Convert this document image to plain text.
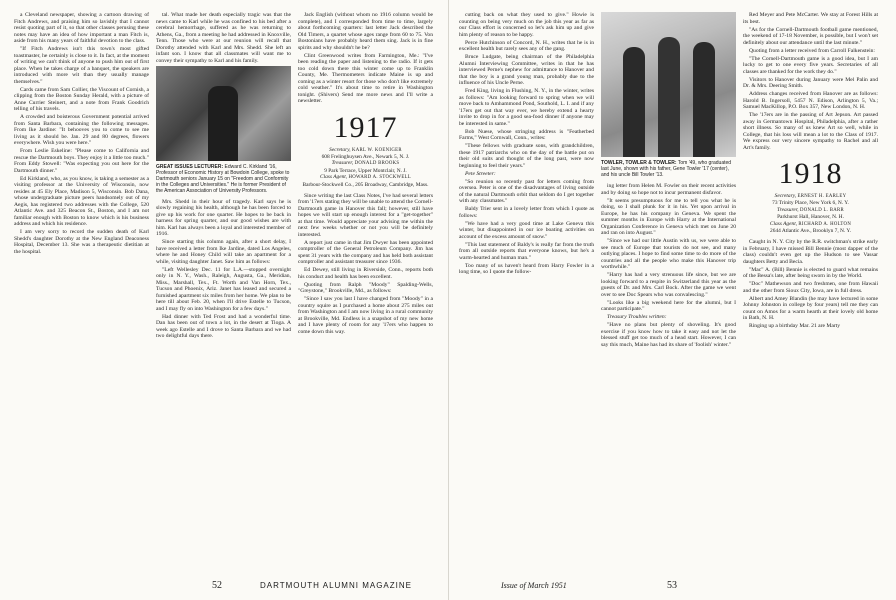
a Cleveland newspaper, showing a cartoon drawing of Fitch Andrews, and praising him so lavishly that I cannot resist quoting part of it, so that other classes perusing these notes may have an idea of how important a man Fitch is, aside from his many years of faithful devotion to the class.

"If Fitch Andrews isn't this town's most gifted toastmaster, he certainly is close to it. In fact, at the moment of writing we can't think of anyone to push him out of first place. When he takes charge of a banquet, the speakers are introduced with more wit than they usually manage themselves."

Cards came from Sam Collier, the Viscount of Cornish, a clipping from the Boston Sunday Herald, with a picture of Anne Currier Steinert, and a note from Frank Goodrich telling of his travels.

A crowded and boisterous Government potential arrived from Santa Barbara, containing the following messages. From Ike Jardine: "It behooves you to come to see me living as it should be. Jan. 29 and 80 degrees, flowers everywhere. Wish you were here."

From Leslie Eskeline: "Please come to California and rescue the Dartmouth boys. They enjoy it a little too much." From Eddy Stowell: "Was expecting you out here for the Dartmouth dinner."

Ed Kirkland, who, as you know, is taking a semester as a visiting professor at the University of Wisconsin, now resides at 45 Ely Place, Madison 5, Wisconsin. Bob Dana, whose undergraduate picture peers handsomely out of my Aegis, has registered two addresses with the College, 520 Atlantic Ave. and 325 Beacon St., Boston, and I am not familiar enough with Boston to know which is his business address and which his residence.

I am very sorry to record the sudden death of Karl Shedd's daughter Dorothy at the New England Deaconess Hospital, December 13. She was a therapeutic dietitian at the hospital.

tal. What made her death especially tragic was that the news came to Karl while he was confined to his bed after a cerebral hemorrhage, suffered as he was returning to Athens, Ga., from a meeting he had addressed in Knoxville, Tenn. Those who were at our reunion will recall that Dorothy attended with Karl and Mrs. Shedd. She left an infant son. I know that all classmates will want me to convey their sympathy to Karl and his family.

GREAT ISSUES LECTURER: Edward C. Kirkland '16, Professor of Economic History at Bowdoin College, spoke to Dartmouth seniors January 15 on "Freedom and Conformity in the Colleges and Universities." He is former President of the American Association of University Professors.

Mrs. Shedd in their hour of tragedy. Karl says he is slowly regaining his health, although he has been forced to give up his work for one quarter. He hopes to be back in harness for spring quarter, and our good wishes are with him. Karl has always been a loyal and interested member of 1916.

Since starting this column again, after a short delay, I have received a letter from Ike Jardine, dated Los Angeles, where he and Honey Child will take an apartment for a while, visiting daughter Janet. Saw him as follows:

"Left Wellesley Dec. 11 for L.A.—stopped overnight only in N. Y., Wash., Raleigh, Augusta, Ga., Meridian, Miss., Marshall, Tex., Ft. Worth and Van Horn, Tex., Tucson and Phoenix, Ariz. Janet has leased and secured a furnished apartment six miles from her home. We plan to be here till about Feb. 20, when I'll drive Estelle to Tucson, and I may fly on into Washington for a few days."

Had dinner with Ted Frost and had a wonderful time. Dan has been out of town a lot, in the desert at Tioga. A week ago Estelle and I drove to Santa Barbara and we had two delightful days there.

Jack English (without whom no 1916 column would be complete), and I corresponded from time to time, largely about forthcoming quarters: last letter Jack described the Old Timers, a quartet whose ages range from 60 to 75. Von Bostonians have probably heard them sing. Jack is in fine spirits and why shouldn't he be?

Clint Greenwood writes from Farmington, Me.: "I've been reading the paper and listening to the radio. If it gets too cold down there this winter come up to Franklin County, Me. Thermometers indicate Maine is up and coming as a winter resort for those who don't like extremely cold weather." It's about time to retire in Washington tonight. (Shivers) Send me more news and I'll write a newsletter.

1917
Secretary, KARL W. KOENIGER
608 Frelinghuysen Ave., Newark 5, N. J.
Treasurer, DONALD BROOKS
9 Park Terrace, Upper Montclair, N. J.
Class Agent, HOWARD A. STOCKWELL
Barbour-Stockwell Co., 205 Broadway, Cambridge, Mass.

Since writing the last Class Notes, I've had several letters from '17ers stating they will be unable to attend the Cornell-Dartmouth game in Hanover this fall; however, still have hopes we will start up enough interest for a "get-together" at that time. Would appreciate your advising me within the next few weeks whether or not you will be definitely interested.

A report just came in that Jim Dwyer has been appointed comptroller of the General Petroleum Company. Jim has spent 31 years with the company and has held both assistant comptroller and assistant treasurer since 1936.

Ed Dewey, still living in Riverside, Conn., reports both his conduct and health has been excellent.

Quoting from Ralph "Moody" Spalding-Wells, "Greystone," Brookville, Md., as follows:

"Since I saw you last I have changed from "Moody" in a country squire as I purchased a home about 275 miles out from Washington and I am now living in a rural community at Brookville, Md. Endless is a snapshot of my new home and I have plenty of room for any '17ers who happen to come down this way.

52	DARTMOUTH ALUMNI MAGAZINE

cutting back on what they used to give." Howie is counting on being very much on the job this year as far as our Class effort is concerned so let's ask him up and give him plenty of reason to be happy.

Perce Hutchinson of Concord, N. H., writes that he is in excellent health but rarely sees any of the gang.

Bruce Ludgate, being chairman of the Philadelphia Alumni Interviewing Committee, writes in that he has interviewed Perne's nephew for admittance to Hanover and that the boy is a grand young man, probably due to the influence of his Uncle Perne.

Fred King, living in Flushing, N. Y., in the winter, writes as follows: "Am looking forward to spring when we will move back to Amhammond Pond, Southold, L. I. and if any '17ers get out that way ever, we hereby extend a hearty invite to drop in for a good sea-food dinner if anyone may be interested in same."

Bob Nuese, whose stringing address is "Featherbed Farms," West Cornwall, Conn., writes:

"These fellows with graduate sons, with grandchildren, these 1917 patriarchs who on the day of the battle put on their old suits and thought of the long past, were now beginning to feel their years."

Pete Streeter:

"So reunion so recently past for letters coming from oversea. Peter is one of the disadvantages of living outside of the natural Dartmouth orbit that seldom do I get together with any classmates."

Baldy Trier sent in a lovely letter from which I quote as follows:

"We have had a very good time at Lake Geneva this winter, but disappointed in our ice boating activities on account of the excess amount of snow."

"This last statement of Baldy's is really far from the truth from all outside reports that everyone knows, but he's a warm-hearted and human man."

Too many of us haven't heard from Harry Fowler in a long time, so I quote the follow-

TOWLER, TOWLER & TOWLER: Tom '49, who graduated last June, shown with his father, Gene Towler '17 (center), and his uncle Bill Towler '13.

ing letter from Helen M. Fowler on their recent activities and by doing so hope not to incur permanent disfavor.

"It seems presumptuous for me to tell you what he is doing, so I shall plunk for it in his. Yet upon arrival in Europe, he has his company in Geneva. We spent the summer months in Europe with Harry at the International Organization Conference in Geneva which met on June 20 and ran on into August."

"Since we had our little Austin with us, we were able to see much of Europe that tourists do not see, and many outlying places. I hope to find some time to do more of the countries and all the people who make this Hanover trip worthwhile."

"Harry has had a very strenuous life since, but we are looking forward to a respite in Switzerland this year as the guests of Dr. and Mrs. Carl Bock. After the game we went over to see Doc Spears who was convalescing."

"Looks like a big weekend here for the alumni, but I cannot participate."

Treasury Troubles written:

"Have no plans but plenty of shoveling. It's good exercise if you know how to take it easy and not let the blessed stuff get too much of a head start. However, I can say this much, Maine has had its share of 'foolish' winter."

Red Meyer and Pete McCarter. We stay at Forest Hills at its best.

"As for the Cornell-Dartmouth football game mentioned, the weekend of 17-18 November, is possible, but I won't set definitely about our attendance until the last minute."

Quoting from a letter received from Carroll Falkenstein:

"The Cornell-Dartmouth game is a good idea, but I am lucky to get to one every five years. Secretaries of all classes are thanked for the work they do."

Visitors to Hanover during January were Mel Palin and Dr. & Mrs. Deering Smith.

Address changes received from Hanover are as follows: Harold B. Ingersoll, 5457 N. Edison, Arlington 5, Va.; Samuel MacKillop, P.O. Box 357, New London, N. H.

The '17ers are in the passing of Art Jepson. Art passed away in Germantown Hospital, Philadelphia, after a rather short illness. So many of us knew Art so well, while in College, that his loss will mean a lot to the Class of 1917. We express our very sincere sympathy to Rachel and all Art's family.

1918
Secretary, ERNEST H. EARLEY
73 Trinity Place, New York 6, N. Y.
Treasurer, DONALD L. BARR
Parkhurst Hall, Hanover, N. H.
Class Agent, RICHARD A. HOLTON
2644 Atlantic Ave., Brooklyn 7, N. Y.

Caught in N. Y. City by the R.R. switchman's strike early in February, I have missed Bill Bennie (most dapper of the class) couldn't even get up the Hudson to see Vassar daughters Betty and Becia.

"Mac" A. (Bill) Bennie is elected to guard what remains of the Bessa's late, after being sworn in by the World.

"Doc" Mathewson and two freshmen, one from Hawaii and the other from Sioux City, Iowa, are in full dress.

Albert and Amey Blandin (he may have lectured in some Johnny Johnston in college by four years) tell me they can count on Amos for a warm hearth at their lovely old home in Bath, N. H.

Ringing up a birthday Mar. 21 are Marty

Issue of March 1951	53
